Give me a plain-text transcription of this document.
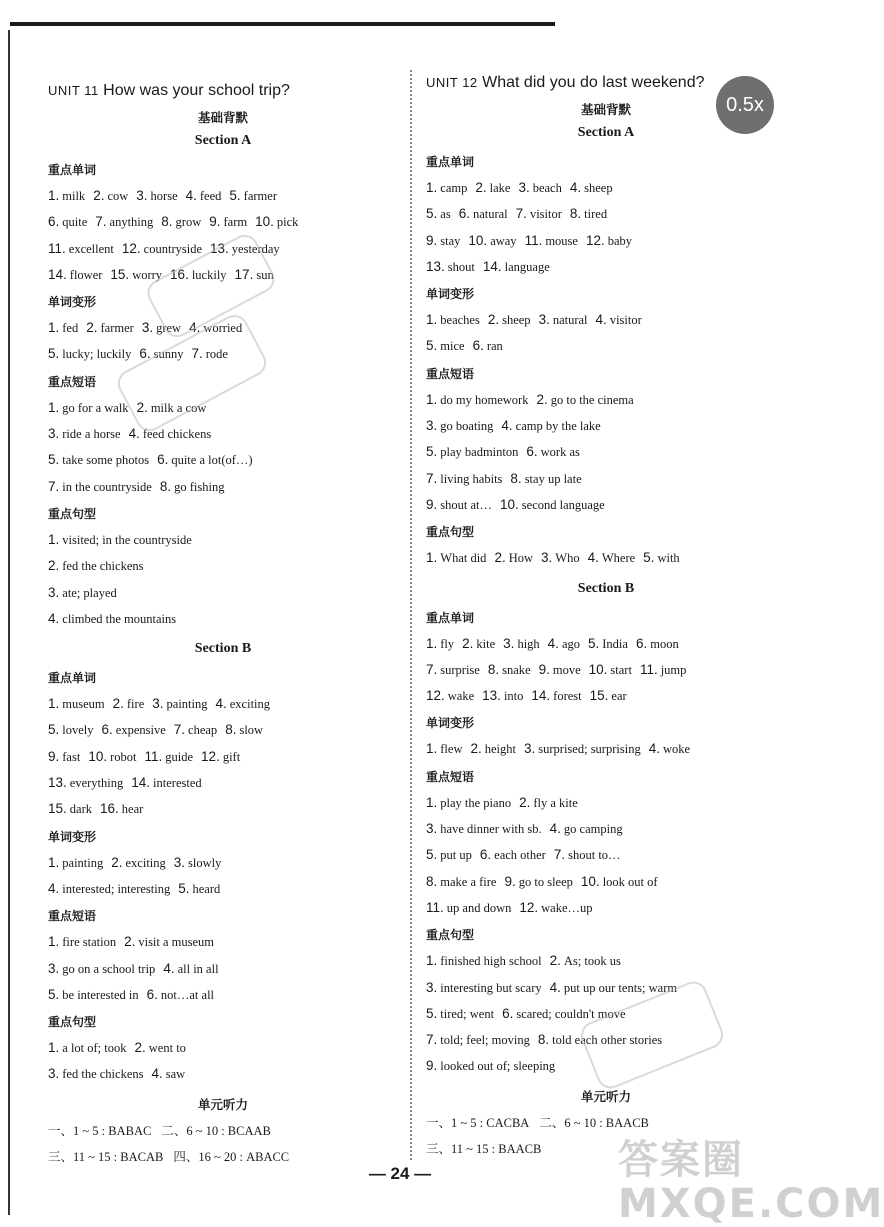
UNIT 11 How was your school trip?
基础背默
Section A
重点单词
1. milk 2. cow 3. horse 4. feed 5. farmer
6. quite 7. anything 8. grow 9. farm 10. pick
11. excellent 12. countryside 13. yesterday
14. flower 15. worry 16. luckily 17. sun
单词变形
1. fed 2. farmer 3. grew 4. worried
5. lucky; luckily 6. sunny 7. rode
重点短语
1. go for a walk 2. milk a cow
3. ride a horse 4. feed chickens
5. take some photos 6. quite a lot(of…)
7. in the countryside 8. go fishing
重点句型
1. visited; in the countryside
2. fed the chickens
3. ate; played
4. climbed the mountains
Section B
重点单词
1. museum 2. fire 3. painting 4. exciting
5. lovely 6. expensive 7. cheap 8. slow
9. fast 10. robot 11. guide 12. gift
13. everything 14. interested
15. dark 16. hear
单词变形
1. painting 2. exciting 3. slowly
4. interested; interesting 5. heard
重点短语
1. fire station 2. visit a museum
3. go on a school trip 4. all in all
5. be interested in 6. not…at all
重点句型
1. a lot of; took 2. went to
3. fed the chickens 4. saw
单元听力
一、1 ~ 5 : BABAC 二、6 ~ 10 : BCAAB
三、11 ~ 15 : BACAB 四、16 ~ 20 : ABACC
UNIT 12 What did you do last weekend?
基础背默
Section A
重点单词
1. camp 2. lake 3. beach 4. sheep
5. as 6. natural 7. visitor 8. tired
9. stay 10. away 11. mouse 12. baby
13. shout 14. language
单词变形
1. beaches 2. sheep 3. natural 4. visitor
5. mice 6. ran
重点短语
1. do my homework 2. go to the cinema
3. go boating 4. camp by the lake
5. play badminton 6. work as
7. living habits 8. stay up late
9. shout at… 10. second language
重点句型
1. What did 2. How 3. Who 4. Where 5. with
Section B
重点单词
1. fly 2. kite 3. high 4. ago 5. India 6. moon
7. surprise 8. snake 9. move 10. start 11. jump
12. wake 13. into 14. forest 15. ear
单词变形
1. flew 2. height 3. surprised; surprising 4. woke
重点短语
1. play the piano 2. fly a kite
3. have dinner with sb. 4. go camping
5. put up 6. each other 7. shout to…
8. make a fire 9. go to sleep 10. look out of
11. up and down 12. wake…up
重点句型
1. finished high school 2. As; took us
3. interesting but scary 4. put up our tents; warm
5. tired; went 6. scared; couldn't move
7. told; feel; moving 8. told each other stories
9. looked out of; sleeping
单元听力
一、1 ~ 5 : CACBA 二、6 ~ 10 : BAACB
三、11 ~ 15 : BAACB
0.5x
答案圈 MXQE.COM
— 24 —
